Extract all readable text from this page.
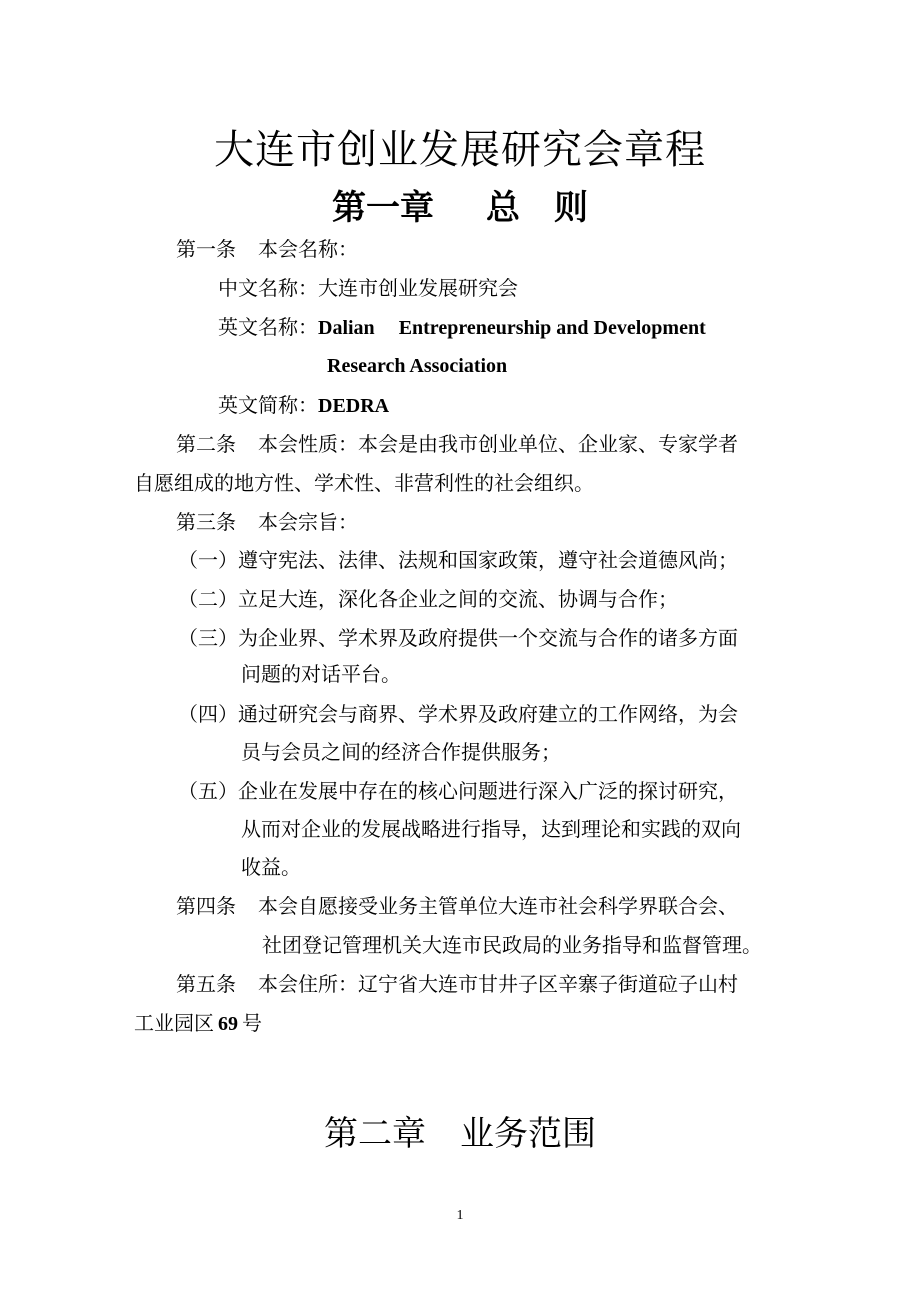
大连市创业发展研究会章程
第一章 总　则
第一条 本会名称：
中文名称：大连市创业发展研究会
英文名称：Dalian Entrepreneurship and Development
Research Association
英文简称：DEDRA
第二条 本会性质：本会是由我市创业单位、企业家、专家学者
自愿组成的地方性、学术性、非营利性的社会组织。
第三条 本会宗旨：
（一）遵守宪法、法律、法规和国家政策，遵守社会道德风尚；
（二）立足大连，深化各企业之间的交流、协调与合作；
（三）为企业界、学术界及政府提供一个交流与合作的诸多方面
问题的对话平台。
（四）通过研究会与商界、学术界及政府建立的工作网络，为会
员与会员之间的经济合作提供服务；
（五）企业在发展中存在的核心问题进行深入广泛的探讨研究，
从而对企业的发展战略进行指导，达到理论和实践的双向
收益。
第四条 本会自愿接受业务主管单位大连市社会科学界联合会、
社团登记管理机关大连市民政局的业务指导和监督管理。
第五条 本会住所：辽宁省大连市甘井子区辛寨子街道砬子山村
工业园区 69 号
第二章 业务范围
1
